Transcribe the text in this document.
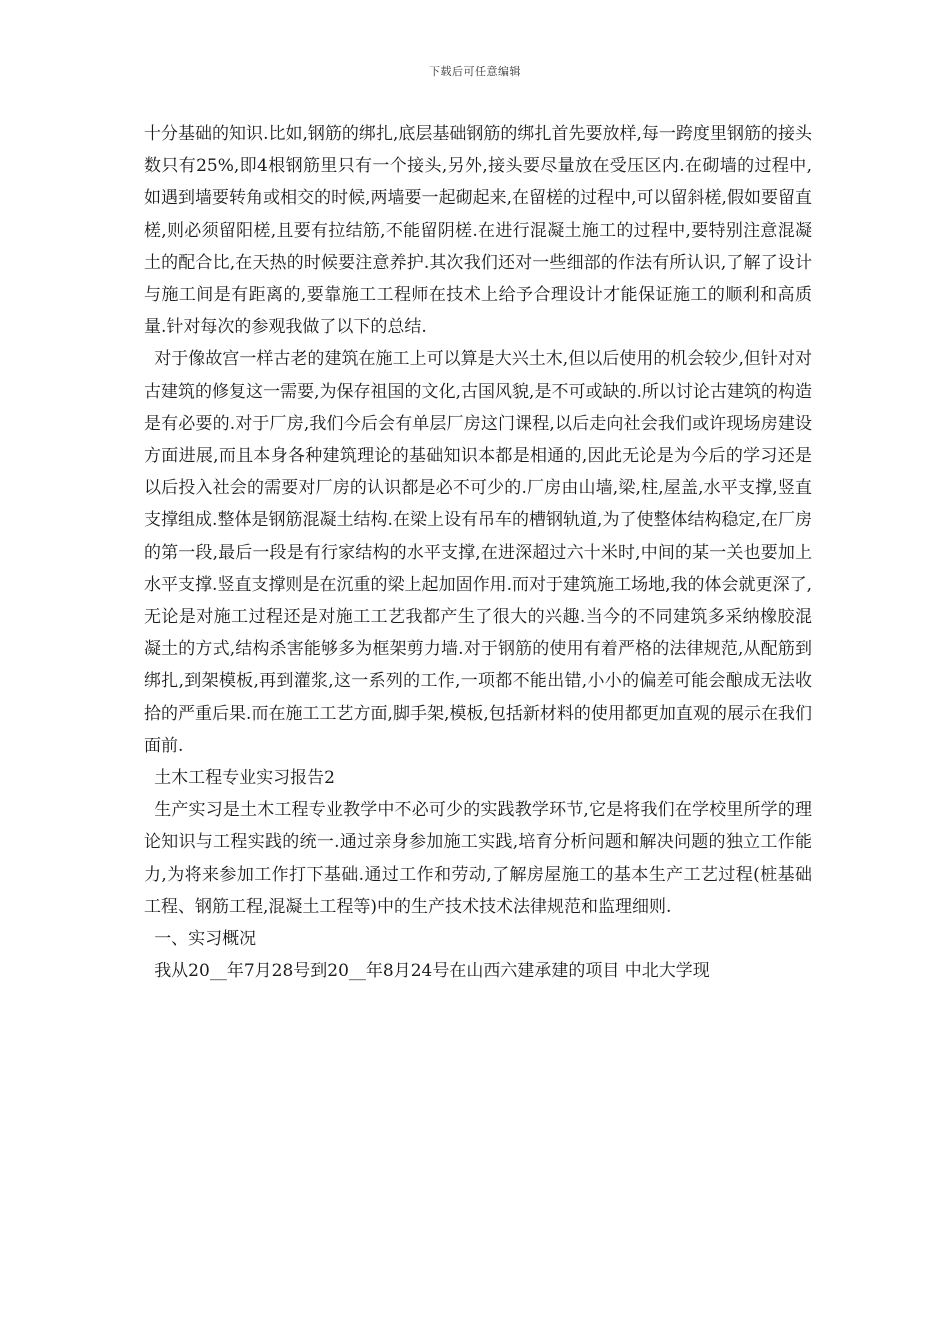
下载后可任意编辑

十分基础的知识.比如,钢筋的绑扎,底层基础钢筋的绑扎首先要放样,每一跨度里钢筋的接头数只有25%,即4根钢筋里只有一个接头,另外,接头要尽量放在受压区内.在砌墙的过程中,如遇到墙要转角或相交的时候,两墙要一起砌起来,在留槎的过程中,可以留斜槎,假如要留直槎,则必须留阳槎,且要有拉结筋,不能留阴槎.在进行混凝土施工的过程中,要特别注意混凝土的配合比,在天热的时候要注意养护.其次我们还对一些细部的作法有所认识,了解了设计与施工间是有距离的,要靠施工工程师在技术上给予合理设计才能保证施工的顺利和高质量.针对每次的参观我做了以下的总结.

对于像故宫一样古老的建筑在施工上可以算是大兴土木,但以后使用的机会较少,但针对对古建筑的修复这一需要,为保存祖国的文化,古国风貌,是不可或缺的.所以讨论古建筑的构造是有必要的.对于厂房,我们今后会有单层厂房这门课程,以后走向社会我们或许现场房建设方面进展,而且本身各种建筑理论的基础知识本都是相通的,因此无论是为今后的学习还是以后投入社会的需要对厂房的认识都是必不可少的.厂房由山墙,梁,柱,屋盖,水平支撑,竖直支撑组成.整体是钢筋混凝土结构.在梁上设有吊车的槽钢轨道,为了使整体结构稳定,在厂房的第一段,最后一段是有行家结构的水平支撑,在进深超过六十米时,中间的某一关也要加上水平支撑.竖直支撑则是在沉重的梁上起加固作用.而对于建筑施工场地,我的体会就更深了,无论是对施工过程还是对施工工艺我都产生了很大的兴趣.当今的不同建筑多采纳橡胶混凝土的方式,结构杀害能够多为框架剪力墙.对于钢筋的使用有着严格的法律规范,从配筋到绑扎,到架模板,再到灌浆,这一系列的工作,一项都不能出错,小小的偏差可能会酿成无法收拾的严重后果.而在施工工艺方面,脚手架,模板,包括新材料的使用都更加直观的展示在我们面前.

土木工程专业实习报告2

生产实习是土木工程专业教学中不必可少的实践教学环节,它是将我们在学校里所学的理论知识与工程实践的统一.通过亲身参加施工实践,培育分析问题和解决问题的独立工作能力,为将来参加工作打下基础.通过工作和劳动,了解房屋施工的基本生产工艺过程(桩基础工程、钢筋工程,混凝土工程等)中的生产技术技术法律规范和监理细则.

一、实习概况

我从20__年7月28号到20__年8月24号在山西六建承建的项目 中北大学现
